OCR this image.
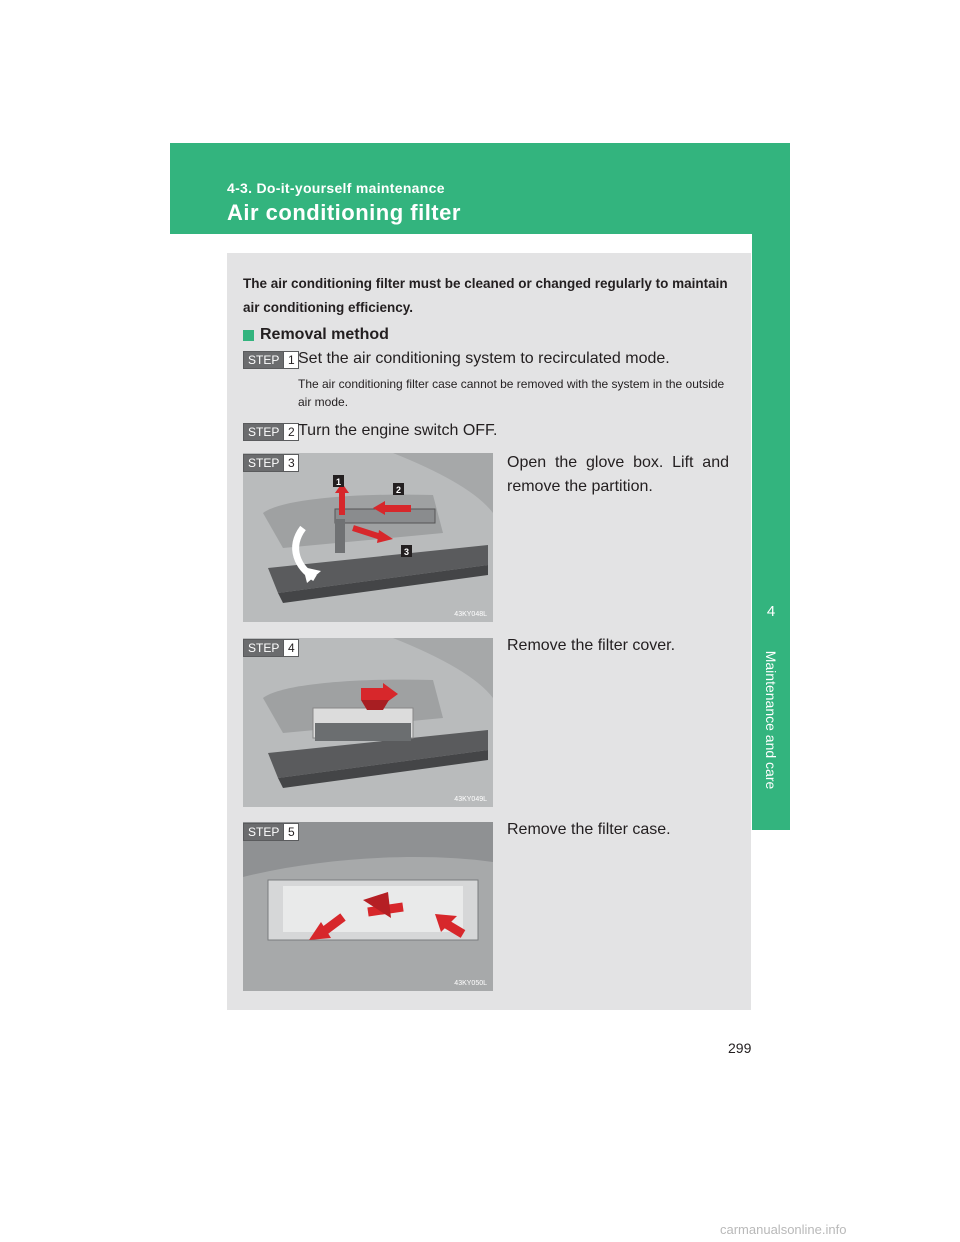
4-3. Do-it-yourself maintenance
Air conditioning filter
4
Maintenance and care

The air conditioning filter must be cleaned or changed regularly to maintain air conditioning efficiency.

Removal method
STEP 1 Set the air conditioning system to recirculated mode.

The air conditioning filter case cannot be removed with the system in the outside air mode.

STEP 2 Turn the engine switch OFF.
1
2
3
43KY048L
STEP 3	Open the glove box. Lift and remove the partition.

43KY049L
STEP 4	Remove the filter cover.

43KY050L
STEP 5	Remove the filter case.

299
carmanualsonline.info
